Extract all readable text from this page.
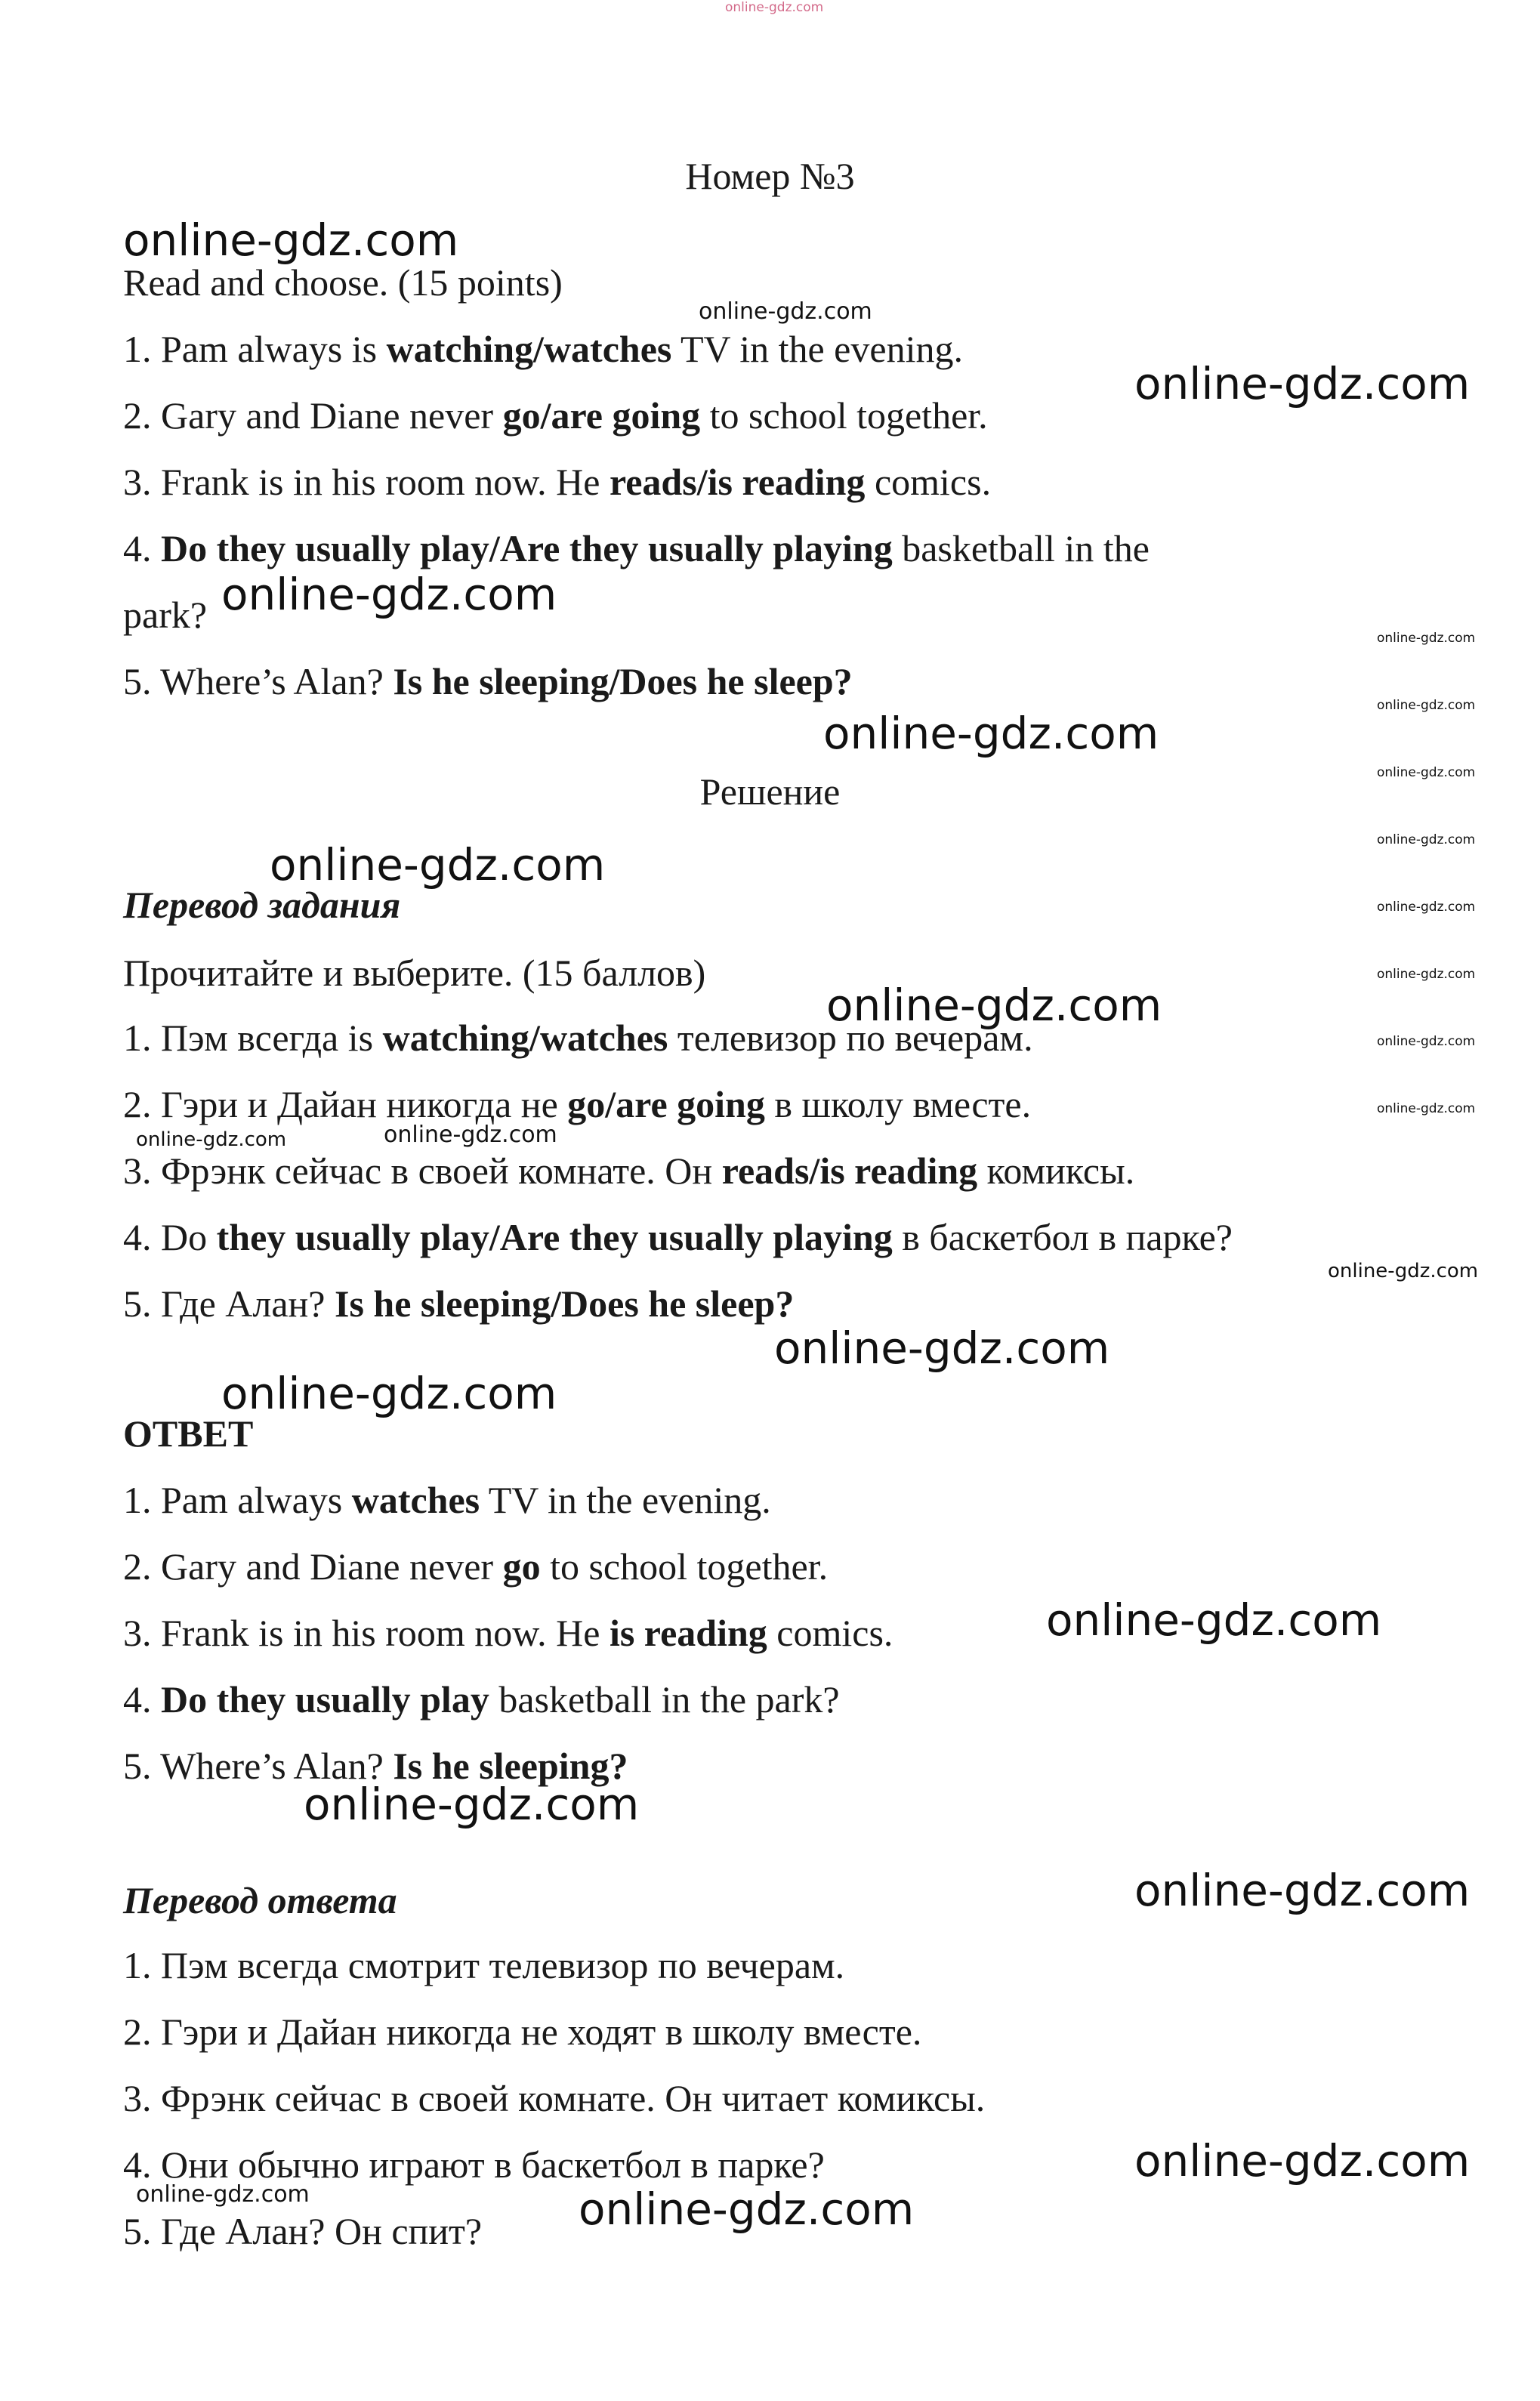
online-gdz.com
Номер №3
Read and choose. (15 points)
1. Pam always is watching/watches TV in the evening.
2. Gary and Diane never go/are going to school together.
3. Frank is in his room now. He reads/is reading comics.
4. Do they usually play/Are they usually playing basketball in the
park?
5. Where’s Alan? Is he sleeping/Does he sleep?
Решение
Перевод задания
Прочитайте и выберите. (15 баллов)
1. Пэм всегда is watching/watches телевизор по вечерам.
2. Гэри и Дайан никогда не go/are going в школу вместе.
3. Фрэнк сейчас в своей комнате. Он reads/is reading комиксы.
4. Do they usually play/Are they usually playing в баскетбол в парке?
5. Где Алан? Is he sleeping/Does he sleep?
ОТВЕТ
1. Pam always watches TV in the evening.
2. Gary and Diane never go to school together.
3. Frank is in his room now. He is reading comics.
4. Do they usually play basketball in the park?
5. Where’s Alan? Is he sleeping?
Перевод ответа
1. Пэм всегда смотрит телевизор по вечерам.
2. Гэри и Дайан никогда не ходят в школу вместе.
3. Фрэнк сейчас в своей комнате. Он читает комиксы.
4. Они обычно играют в баскетбол в парке?
5. Где Алан? Он спит?
online-gdz.com
online-gdz.com
online-gdz.com
online-gdz.com
online-gdz.com
online-gdz.com
online-gdz.com
online-gdz.com
online-gdz.com
online-gdz.com
online-gdz.com
online-gdz.com
online-gdz.com
online-gdz.com
online-gdz.com
online-gdz.com
online-gdz.com
online-gdz.com
online-gdz.com
online-gdz.com
online-gdz.com
online-gdz.com
online-gdz.com
online-gdz.com
online-gdz.com
online-gdz.com
